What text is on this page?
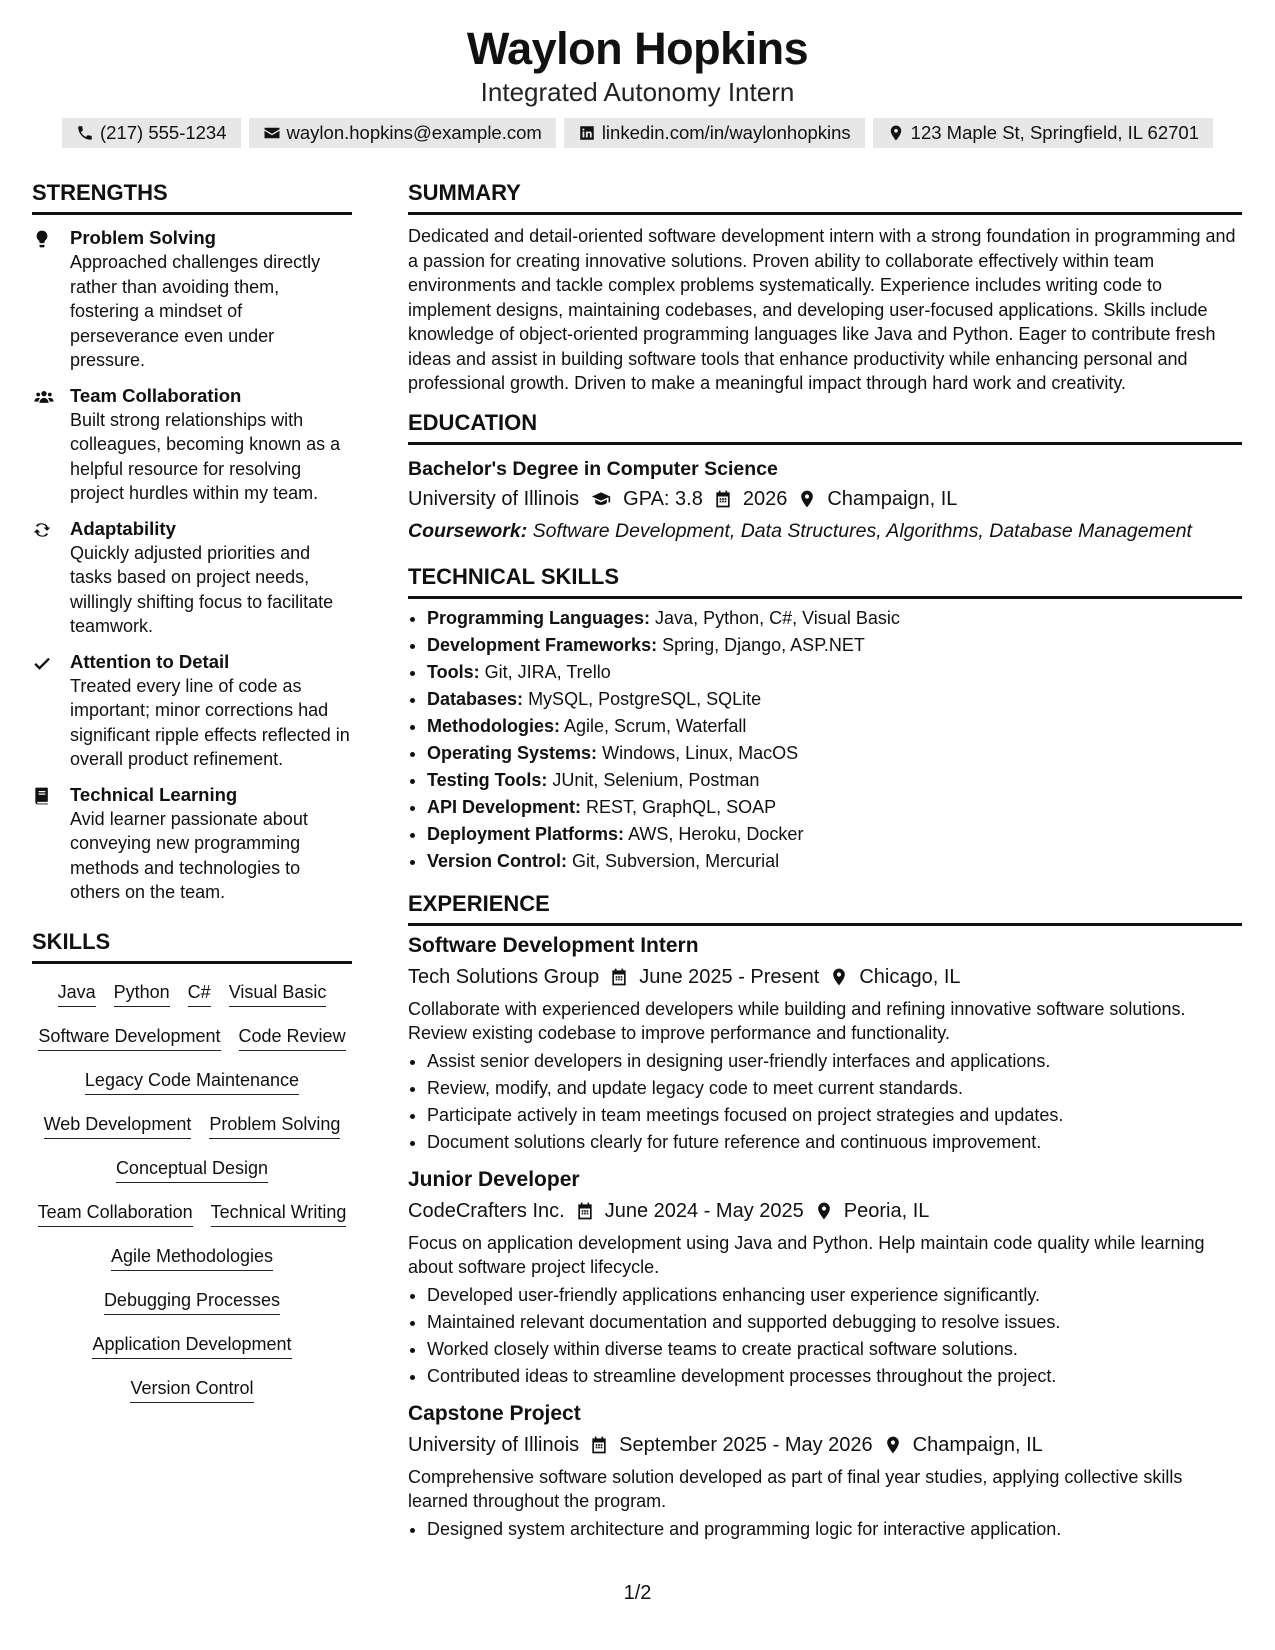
Waylon Hopkins
Integrated Autonomy Intern
(217) 555-1234	waylon.hopkins@example.com	linkedin.com/in/waylonhopkins	123 Maple St, Springfield, IL 62701
STRENGTHS
Problem Solving
Approached challenges directly rather than avoiding them, fostering a mindset of perseverance even under pressure.
Team Collaboration
Built strong relationships with colleagues, becoming known as a helpful resource for resolving project hurdles within my team.
Adaptability
Quickly adjusted priorities and tasks based on project needs, willingly shifting focus to facilitate teamwork.
Attention to Detail
Treated every line of code as important; minor corrections had significant ripple effects reflected in overall product refinement.
Technical Learning
Avid learner passionate about conveying new programming methods and technologies to others on the team.
SKILLS
Java Python C# Visual Basic
Software Development Code Review
Legacy Code Maintenance
Web Development Problem Solving
Conceptual Design
Team Collaboration Technical Writing
Agile Methodologies
Debugging Processes
Application Development
Version Control
SUMMARY

Dedicated and detail-oriented software development intern with a strong foundation in programming and a passion for creating innovative solutions. Proven ability to collaborate effectively within team environments and tackle complex problems systematically. Experience includes writing code to implement designs, maintaining codebases, and developing user-focused applications. Skills include knowledge of object-oriented programming languages like Java and Python. Eager to contribute fresh ideas and assist in building software tools that enhance productivity while enhancing personal and professional growth. Driven to make a meaningful impact through hard work and creativity.

EDUCATION
Bachelor's Degree in Computer Science
University of Illinois GPA: 3.8 2026 Champaign, IL
Coursework: Software Development, Data Structures, Algorithms, Database Management
TECHNICAL SKILLS
• Programming Languages: Java, Python, C#, Visual Basic
• Development Frameworks: Spring, Django, ASP.NET
• Tools: Git, JIRA, Trello
• Databases: MySQL, PostgreSQL, SQLite
• Methodologies: Agile, Scrum, Waterfall
• Operating Systems: Windows, Linux, MacOS
• Testing Tools: JUnit, Selenium, Postman
• API Development: REST, GraphQL, SOAP
• Deployment Platforms: AWS, Heroku, Docker
• Version Control: Git, Subversion, Mercurial
EXPERIENCE
Software Development Intern
Tech Solutions Group June 2025 - Present Chicago, IL
Collaborate with experienced developers while building and refining innovative software solutions. Review existing codebase to improve performance and functionality.
• Assist senior developers in designing user-friendly interfaces and applications.
• Review, modify, and update legacy code to meet current standards.
• Participate actively in team meetings focused on project strategies and updates.
• Document solutions clearly for future reference and continuous improvement.
Junior Developer
CodeCrafters Inc. June 2024 - May 2025 Peoria, IL
Focus on application development using Java and Python. Help maintain code quality while learning about software project lifecycle.
• Developed user-friendly applications enhancing user experience significantly.
• Maintained relevant documentation and supported debugging to resolve issues.
• Worked closely within diverse teams to create practical software solutions.
• Contributed ideas to streamline development processes throughout the project.
Capstone Project
University of Illinois September 2025 - May 2026 Champaign, IL
Comprehensive software solution developed as part of final year studies, applying collective skills learned throughout the program.
• Designed system architecture and programming logic for interactive application.
1/2
